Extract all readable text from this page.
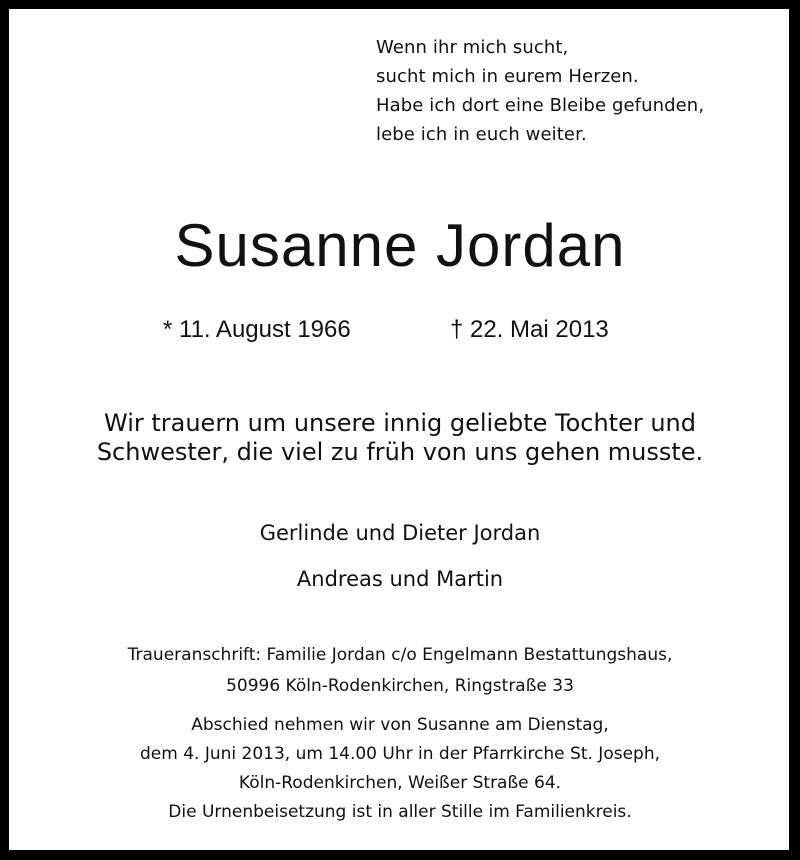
Wenn ihr mich sucht,
sucht mich in eurem Herzen.
Habe ich dort eine Bleibe gefunden,
lebe ich in euch weiter.
Susanne Jordan
* 11. August 1966	† 22. Mai 2013
Wir trauern um unsere innig geliebte Tochter und
Schwester, die viel zu früh von uns gehen musste.
Gerlinde und Dieter Jordan
Andreas und Martin
Traueranschrift: Familie Jordan c/o Engelmann Bestattungshaus,
50996 Köln-Rodenkirchen, Ringstraße 33
Abschied nehmen wir von Susanne am Dienstag,
dem 4. Juni 2013, um 14.00 Uhr in der Pfarrkirche St. Joseph,
Köln-Rodenkirchen, Weißer Straße 64.
Die Urnenbeisetzung ist in aller Stille im Familienkreis.
